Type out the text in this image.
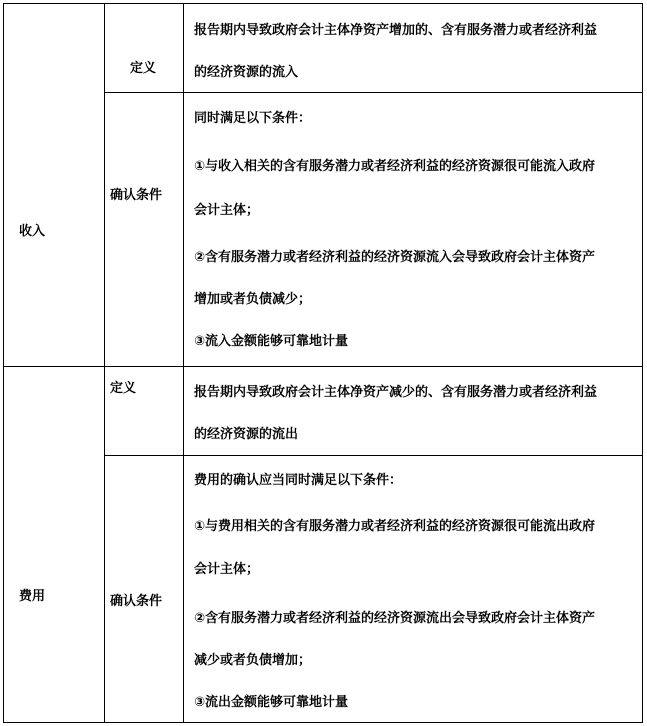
收入
定义
报告期内导致政府会计主体净资产增加的、含有服务潜力或者经济利益
的经济资源的流入
确认条件
同时满足以下条件：
①与收入相关的含有服务潜力或者经济利益的经济资源很可能流入政府
会计主体；
②含有服务潜力或者经济利益的经济资源流入会导致政府会计主体资产
增加或者负债减少；
③流入金额能够可靠地计量
费用
定义	报告期内导致政府会计主体净资产减少的、含有服务潜力或者经济利益
的经济资源的流出
确认条件
费用的确认应当同时满足以下条件：
①与费用相关的含有服务潜力或者经济利益的经济资源很可能流出政府
会计主体；
②含有服务潜力或者经济利益的经济资源流出会导致政府会计主体资产
减少或者负债增加；
③流出金额能够可靠地计量
